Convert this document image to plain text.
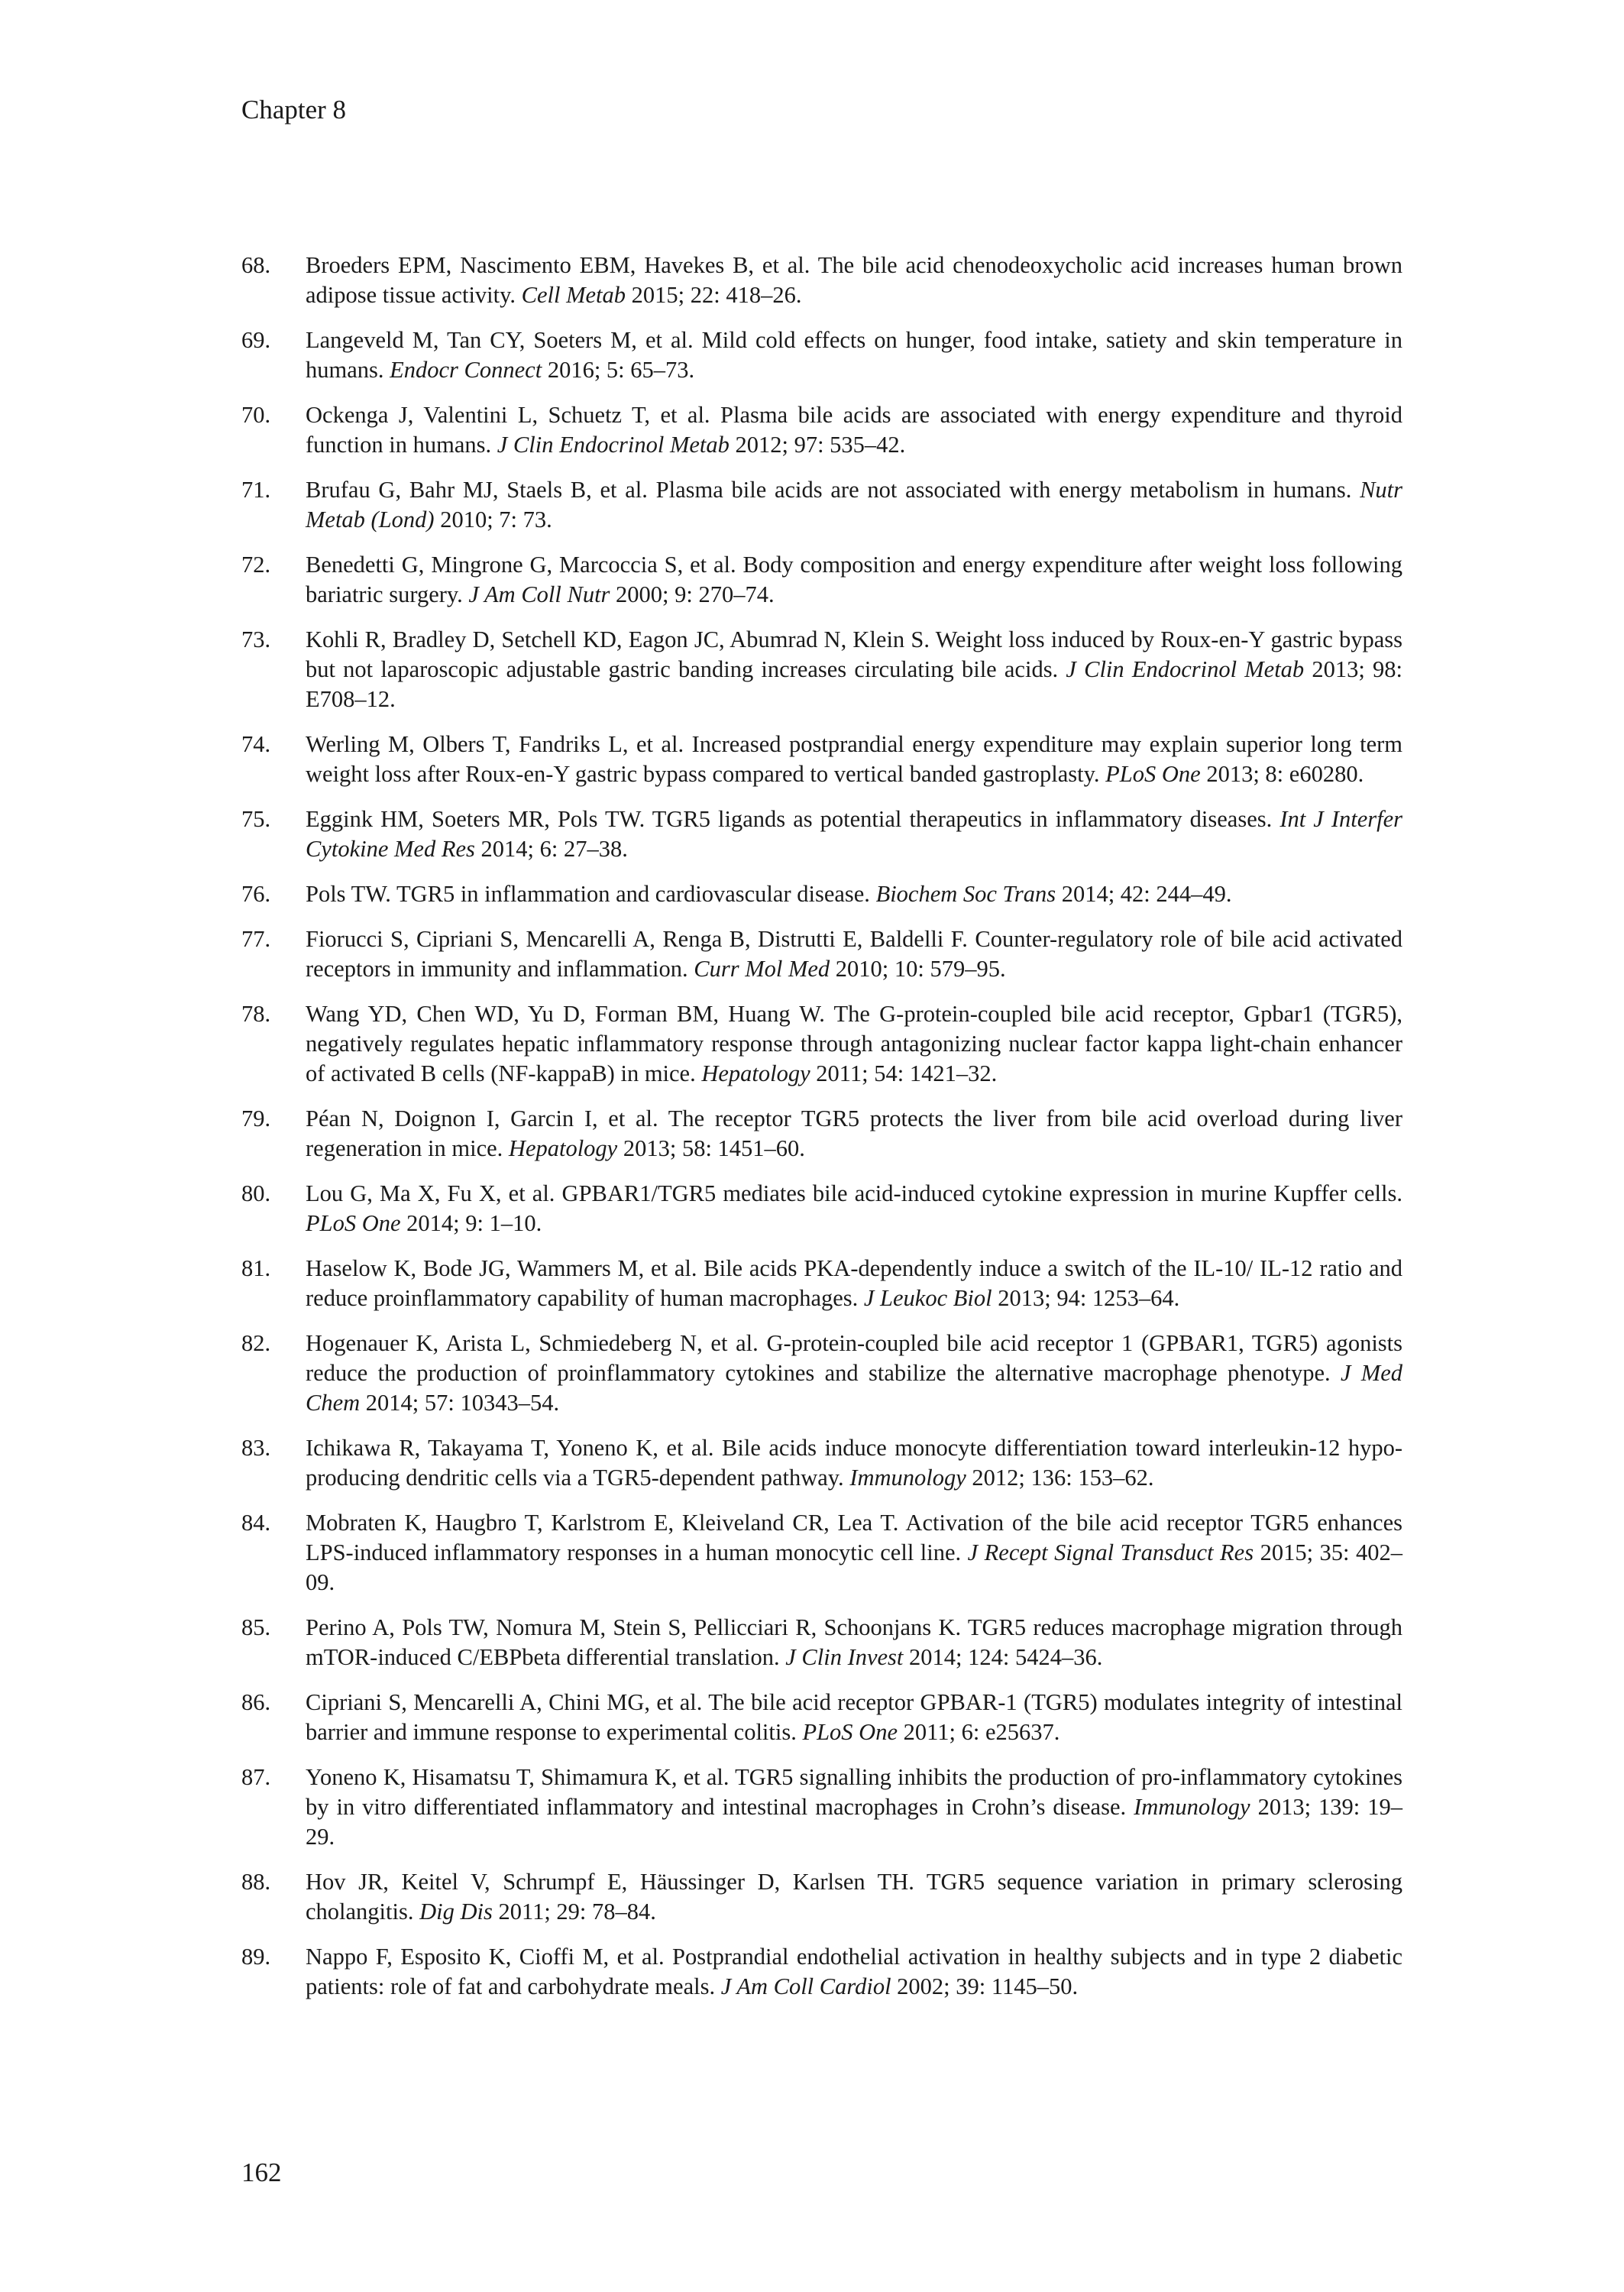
Chapter 8
68.	Broeders EPM, Nascimento EBM, Havekes B, et al. The bile acid chenodeoxycholic acid increases human brown adipose tissue activity. Cell Metab 2015; 22: 418–26.
69.	Langeveld M, Tan CY, Soeters M, et al. Mild cold effects on hunger, food intake, satiety and skin temperature in humans. Endocr Connect 2016; 5: 65–73.
70.	Ockenga J, Valentini L, Schuetz T, et al. Plasma bile acids are associated with energy expenditure and thyroid function in humans. J Clin Endocrinol Metab 2012; 97: 535–42.
71.	Brufau G, Bahr MJ, Staels B, et al. Plasma bile acids are not associated with energy metabolism in humans. Nutr Metab (Lond) 2010; 7: 73.
72.	Benedetti G, Mingrone G, Marcoccia S, et al. Body composition and energy expenditure after weight loss following bariatric surgery. J Am Coll Nutr 2000; 9: 270–74.
73.	Kohli R, Bradley D, Setchell KD, Eagon JC, Abumrad N, Klein S. Weight loss induced by Roux-en-Y gastric bypass but not laparoscopic adjustable gastric banding increases circulating bile acids. J Clin Endocrinol Metab 2013; 98: E708–12.
74.	Werling M, Olbers T, Fandriks L, et al. Increased postprandial energy expenditure may explain superior long term weight loss after Roux-en-Y gastric bypass compared to vertical banded gastroplasty. PLoS One 2013; 8: e60280.
75.	Eggink HM, Soeters MR, Pols TW. TGR5 ligands as potential therapeutics in inflammatory diseases. Int J Interfer Cytokine Med Res 2014; 6: 27–38.
76.	Pols TW. TGR5 in inflammation and cardiovascular disease. Biochem Soc Trans 2014; 42: 244–49.
77.	Fiorucci S, Cipriani S, Mencarelli A, Renga B, Distrutti E, Baldelli F. Counter-regulatory role of bile acid activated receptors in immunity and inflammation. Curr Mol Med 2010; 10: 579–95.
78.	Wang YD, Chen WD, Yu D, Forman BM, Huang W. The G-protein-coupled bile acid receptor, Gpbar1 (TGR5), negatively regulates hepatic inflammatory response through antagonizing nuclear factor kappa light-chain enhancer of activated B cells (NF-kappaB) in mice. Hepatology 2011; 54: 1421–32.
79.	Péan N, Doignon I, Garcin I, et al. The receptor TGR5 protects the liver from bile acid overload during liver regeneration in mice. Hepatology 2013; 58: 1451–60.
80.	Lou G, Ma X, Fu X, et al. GPBAR1/TGR5 mediates bile acid-induced cytokine expression in murine Kupffer cells. PLoS One 2014; 9: 1–10.
81.	Haselow K, Bode JG, Wammers M, et al. Bile acids PKA-dependently induce a switch of the IL-10/ IL-12 ratio and reduce proinflammatory capability of human macrophages. J Leukoc Biol 2013; 94: 1253–64.
82.	Hogenauer K, Arista L, Schmiedeberg N, et al. G-protein-coupled bile acid receptor 1 (GPBAR1, TGR5) agonists reduce the production of proinflammatory cytokines and stabilize the alternative macrophage phenotype. J Med Chem 2014; 57: 10343–54.
83.	Ichikawa R, Takayama T, Yoneno K, et al. Bile acids induce monocyte differentiation toward interleukin-12 hypo-producing dendritic cells via a TGR5-dependent pathway. Immunology 2012; 136: 153–62.
84.	Mobraten K, Haugbro T, Karlstrom E, Kleiveland CR, Lea T. Activation of the bile acid receptor TGR5 enhances LPS-induced inflammatory responses in a human monocytic cell line. J Recept Signal Transduct Res 2015; 35: 402–09.
85.	Perino A, Pols TW, Nomura M, Stein S, Pellicciari R, Schoonjans K. TGR5 reduces macrophage migration through mTOR-induced C/EBPbeta differential translation. J Clin Invest 2014; 124: 5424–36.
86.	Cipriani S, Mencarelli A, Chini MG, et al. The bile acid receptor GPBAR-1 (TGR5) modulates integrity of intestinal barrier and immune response to experimental colitis. PLoS One 2011; 6: e25637.
87.	Yoneno K, Hisamatsu T, Shimamura K, et al. TGR5 signalling inhibits the production of pro-inflammatory cytokines by in vitro differentiated inflammatory and intestinal macrophages in Crohn’s disease. Immunology 2013; 139: 19–29.
88.	Hov JR, Keitel V, Schrumpf E, Häussinger D, Karlsen TH. TGR5 sequence variation in primary sclerosing cholangitis. Dig Dis 2011; 29: 78–84.
89.	Nappo F, Esposito K, Cioffi M, et al. Postprandial endothelial activation in healthy subjects and in type 2 diabetic patients: role of fat and carbohydrate meals. J Am Coll Cardiol 2002; 39: 1145–50.
162
